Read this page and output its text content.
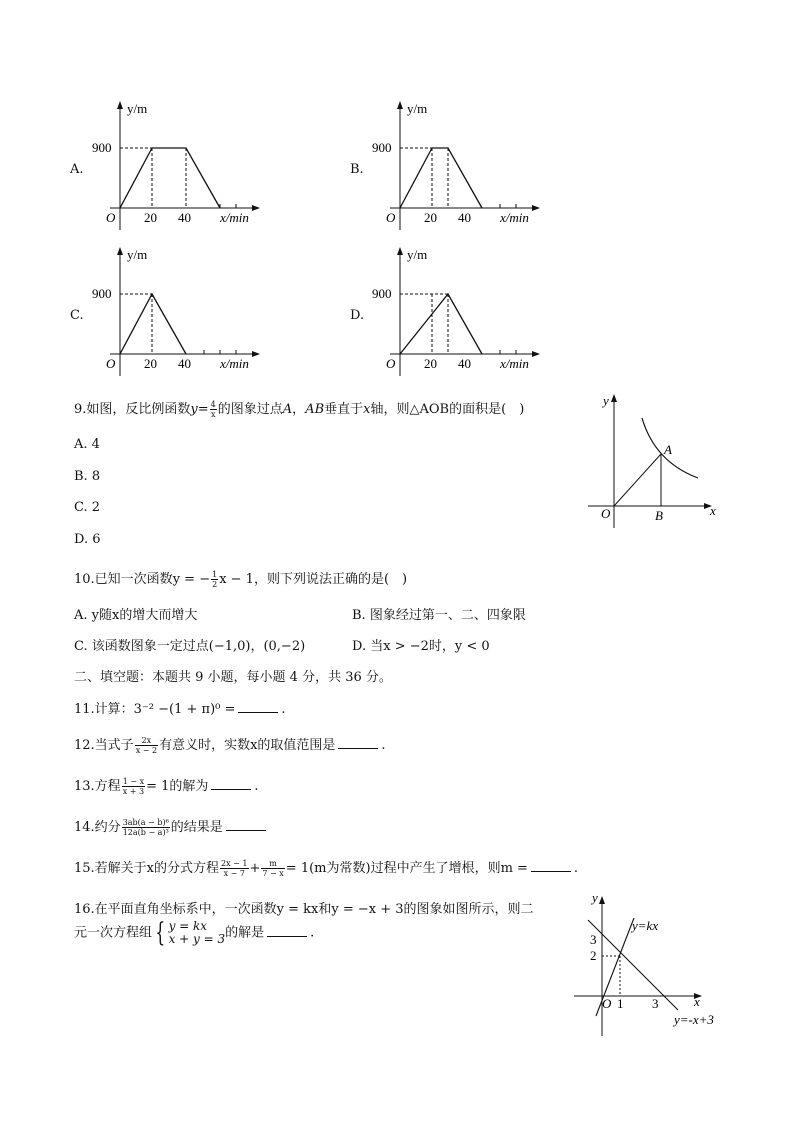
A.
y/m
x/min
O
900
20 40
B.
y/m
x/min
O
900
20 40
C.
y/m
x/min
O
900
20 40
D.
y/m
x/min
O
900
20 40
9.如图，反比例函数$y= \frac{4}{x}$ 的图象过点A，AB垂直于x轴，则△AOB的面积是(　)
A. 4
B. 8
C. 2
D. 6
y
x
O
A
B
10.已知一次函数y = − $\frac{1}{2}$ x − 1，则下列说法正确的是(　)
A. y随x的增大而增大	B. 图象经过第一、二、四象限
C. 该函数图象一定过点(−1,0)，(0,−2)	D. 当x > −2时，y < 0
二、填空题：本题共 9 小题，每小题 4 分，共 36 分。
11.计算：3⁻² −(1 + π)⁰ =	.
12.当式子 $\frac{2x}{x - 2}$ 有意义时，实数x的取值范围是	.
13.方程 $\frac{1 - x}{x + 3} = 1$的解为	.
14.约分 $\frac{\text{3ab(a − b)⁶}}{\text{12a(b − a)³}}$ 的结果是
15.若解关于x的分式方程 $\frac{2x - 1}{x - 7} + \frac{m}{7 - x} = 1(m$为常数)过程中产生了增根，则m =	.
16.在平面直角坐标系中，一次函数y = kx和y = −x + 3的图象如图所示，则二
元一次方程组 { y = kx
x + y = 3 的解是	.
y
x
O
3
2
1 3
y=kx
y=-x+3
